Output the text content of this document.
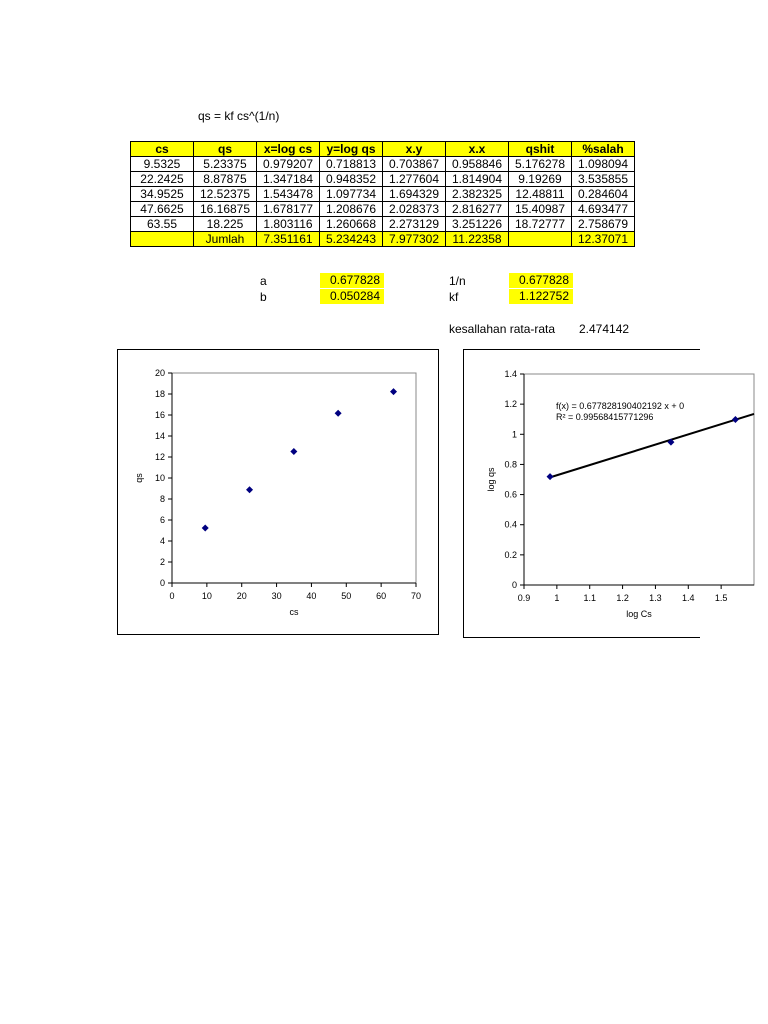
qs = kf cs^(1/n)
cs	qs	x=log cs	y=log qs	x.y	x.x	qshit	%salah
9.5325	5.23375	0.979207	0.718813	0.703867	0.958846	5.176278	1.098094
22.2425	8.87875	1.347184	0.948352	1.277604	1.814904	9.19269	3.535855
34.9525	12.52375	1.543478	1.097734	1.694329	2.382325	12.48811	0.284604
47.6625	16.16875	1.678177	1.208676	2.028373	2.816277	15.40987	4.693477
63.55	18.225	1.803116	1.260668	2.273129	3.251226	18.72777	2.758679
	Jumlah	7.351161	5.234243	7.977302	11.22358		12.37071
a	0.677828
b	0.050284
1/n	0.677828
kf	1.122752
kesallahan rata-rata 2.474142
0
2
4
6
8
10
12
14
16
18
20
0	10	20	30	40	50	60	70
cs
qs
0
0.2
0.4
0.6
0.8
1
1.2
1.4
0.9	1	1.1 1.2 1.3 1.4 1.5
log Cs
log qs
f(x) = 0.677828190402192 x + 0
R² = 0.99568415771296
